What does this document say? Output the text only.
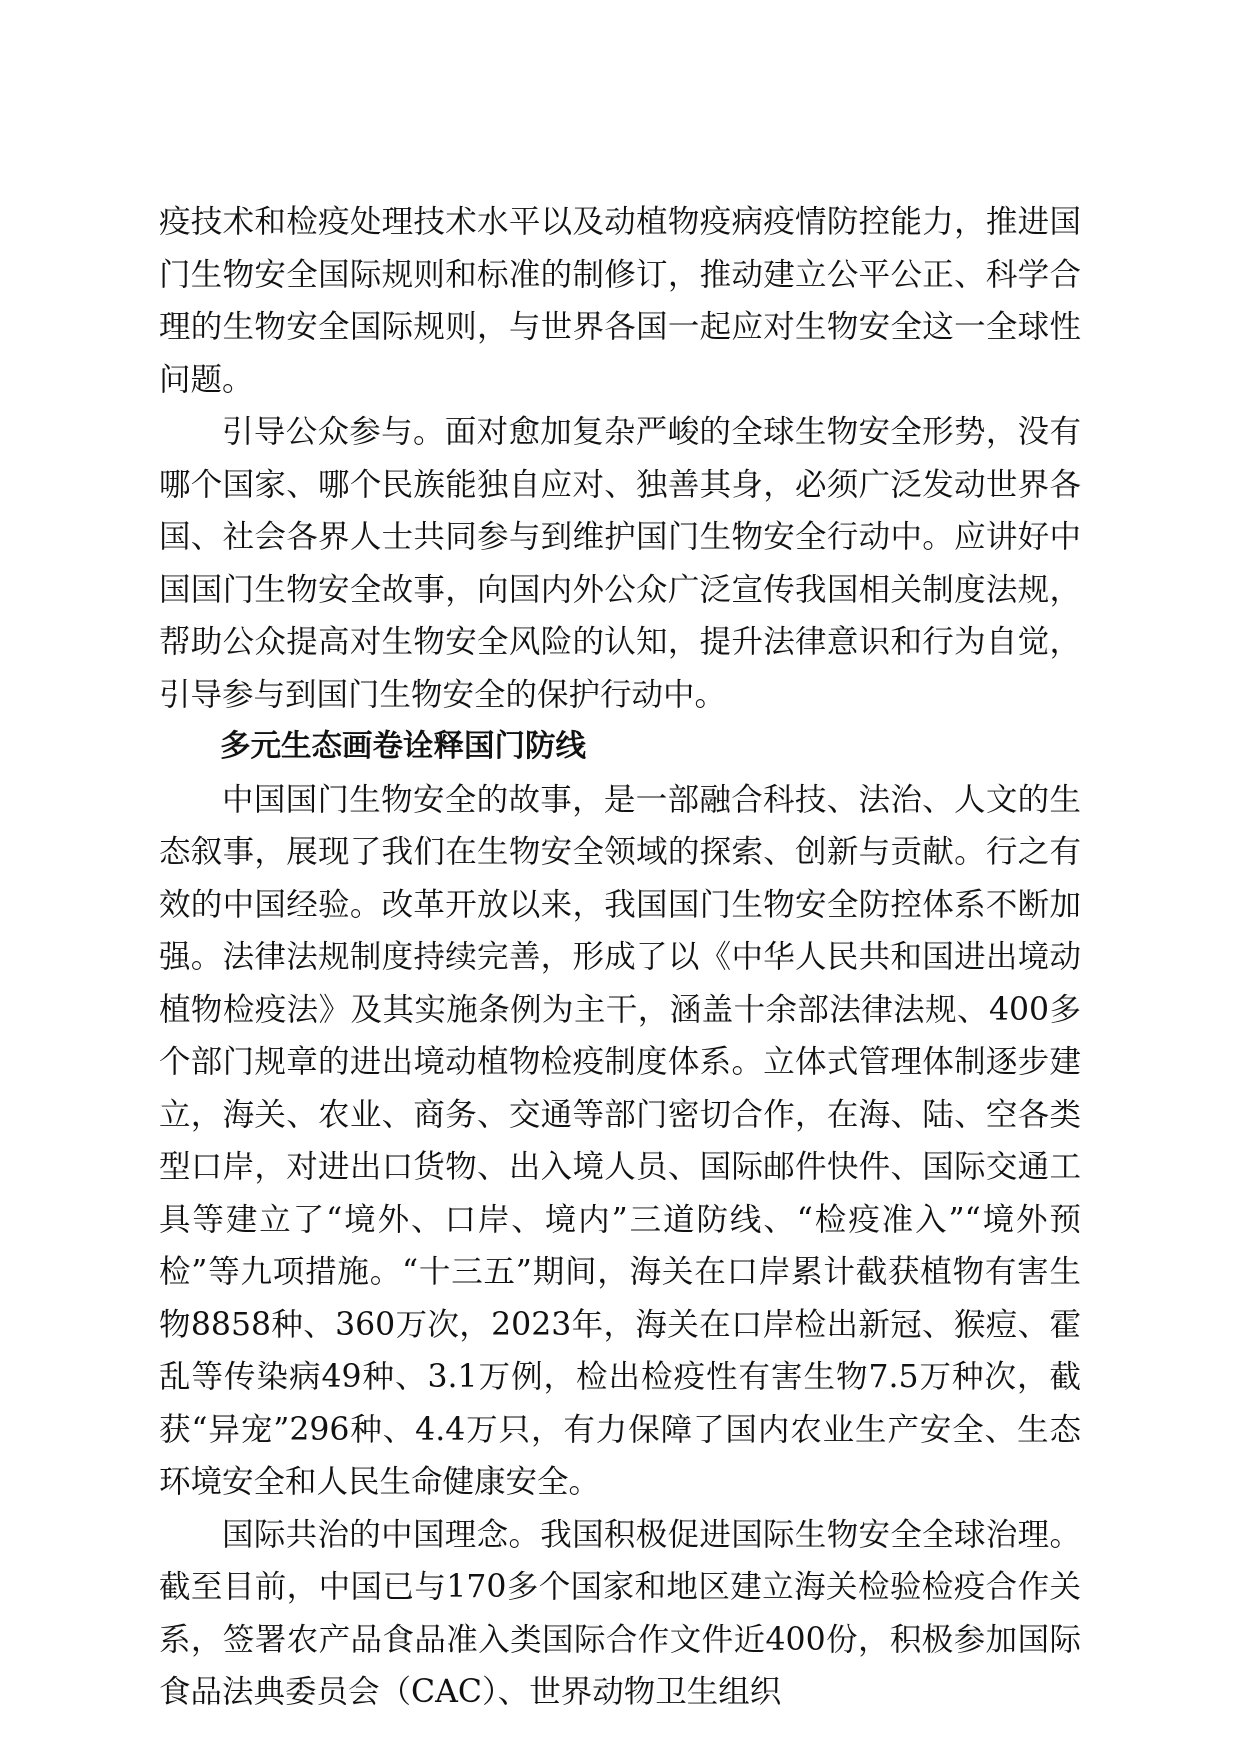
疫技术和检疫处理技术水平以及动植物疫病疫情防控能力，推进国门生物安全国际规则和标准的制修订，推动建立公平公正、科学合理的生物安全国际规则，与世界各国一起应对生物安全这一全球性问题。

引导公众参与。面对愈加复杂严峻的全球生物安全形势，没有哪个国家、哪个民族能独自应对、独善其身，必须广泛发动世界各国、社会各界人士共同参与到维护国门生物安全行动中。应讲好中国国门生物安全故事，向国内外公众广泛宣传我国相关制度法规，帮助公众提高对生物安全风险的认知，提升法律意识和行为自觉，引导参与到国门生物安全的保护行动中。

多元生态画卷诠释国门防线

中国国门生物安全的故事，是一部融合科技、法治、人文的生态叙事，展现了我们在生物安全领域的探索、创新与贡献。行之有效的中国经验。改革开放以来，我国国门生物安全防控体系不断加强。法律法规制度持续完善，形成了以《中华人民共和国进出境动植物检疫法》及其实施条例为主干，涵盖十余部法律法规、400多个部门规章的进出境动植物检疫制度体系。立体式管理体制逐步建立，海关、农业、商务、交通等部门密切合作，在海、陆、空各类型口岸，对进出口货物、出入境人员、国际邮件快件、国际交通工具等建立了“境外、口岸、境内”三道防线、“检疫准入”“境外预检”等九项措施。“十三五”期间，海关在口岸累计截获植物有害生物8858种、360万次，2023年，海关在口岸检出新冠、猴痘、霍乱等传染病49种、3.1万例，检出检疫性有害生物7.5万种次，截获“异宠”296种、4.4万只，有力保障了国内农业生产安全、生态环境安全和人民生命健康安全。

国际共治的中国理念。我国积极促进国际生物安全全球治理。截至目前，中国已与170多个国家和地区建立海关检验检疫合作关系，签署农产品食品准入类国际合作文件近400份，积极参加国际食品法典委员会（CAC）、世界动物卫生组织
